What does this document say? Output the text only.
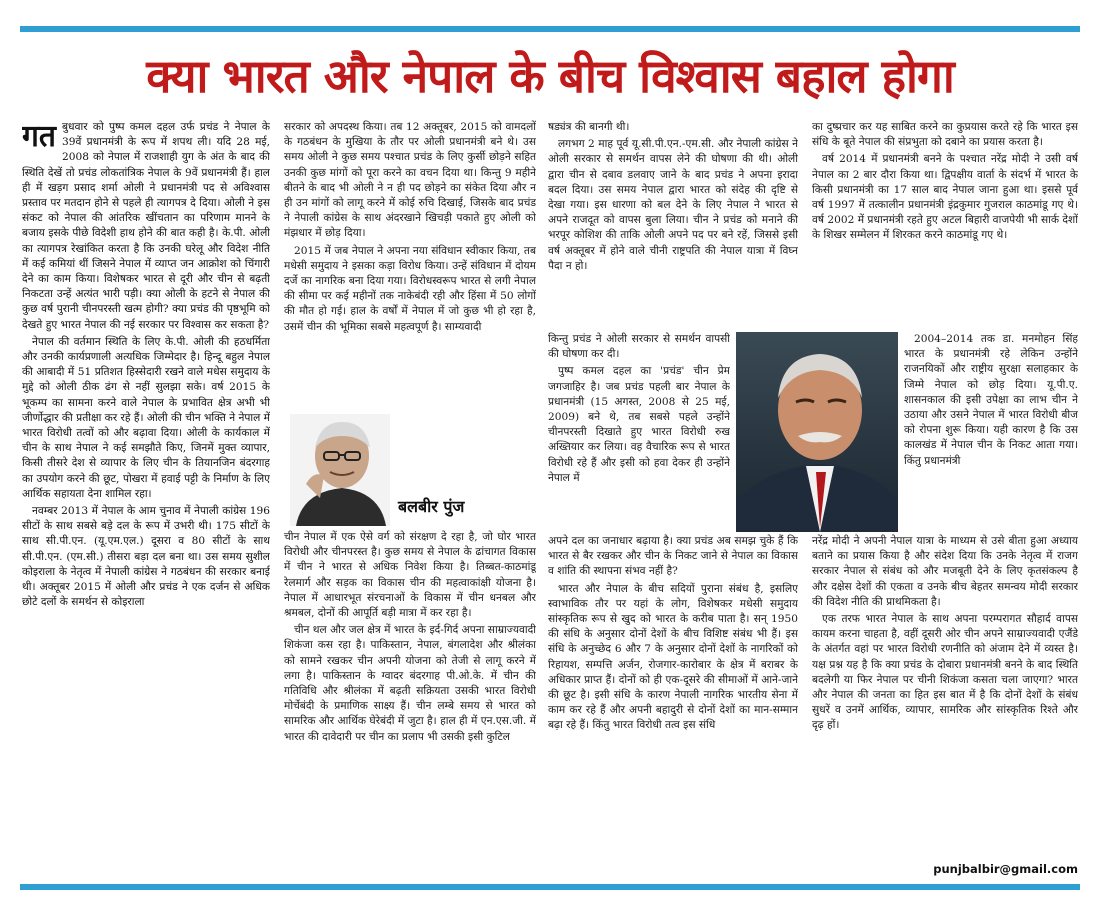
क्या भारत और नेपाल के बीच विश्वास बहाल होगा

गत बुधवार को पुष्प कमल दहल उर्फ प्रचंड ने नेपाल के 39वें प्रधानमंत्री के रूप में शपथ ली। यदि 28 मई, 2008 को नेपाल में राजशाही युग के अंत के बाद की स्थिति देखें तो प्रचंड लोकतांत्रिक नेपाल के 9वें प्रधानमंत्री हैं। हाल ही में खड़ग प्रसाद शर्मा ओली ने प्रधानमंत्री पद से अविश्वास प्रस्ताव पर मतदान होने से पहले ही त्यागपत्र दे दिया। ओली ने इस संकट को नेपाल की आंतरिक खींचतान का परिणाम मानने के बजाय इसके पीछे विदेशी हाथ होने की बात कही है। के.पी. ओली का त्यागपत्र रेखांकित करता है कि उनकी घरेलू और विदेश नीति में कई कमियां थीं जिसने नेपाल में व्याप्त जन आक्रोश को चिंगारी देने का काम किया। विशेषकर भारत से दूरी और चीन से बढ़ती निकटता उन्हें अत्यंत भारी पड़ी। क्या ओली के हटने से नेपाल की कुछ वर्ष पुरानी चीनपरस्ती खत्म होगी? क्या प्रचंड की पृष्ठभूमि को देखते हुए भारत नेपाल की नई सरकार पर विश्वास कर सकता है?

नेपाल की वर्तमान स्थिति के लिए के.पी. ओली की हठधर्मिता और उनकी कार्यप्रणाली अत्यधिक जिम्मेदार है। हिन्दू बहुल नेपाल की आबादी में 51 प्रतिशत हिस्सेदारी रखने वाले मधेस समुदाय के मुद्दे को ओली ठीक ढंग से नहीं सुलझा सके। वर्ष 2015 के भूकम्प का सामना करने वाले नेपाल के प्रभावित क्षेत्र अभी भी जीर्णोद्धार की प्रतीक्षा कर रहे हैं। ओली की चीन भक्ति ने नेपाल में भारत विरोधी तत्वों को और बढ़ावा दिया। ओली के कार्यकाल में चीन के साथ नेपाल ने कई समझौते किए, जिनमें मुक्त व्यापार, किसी तीसरे देश से व्यापार के लिए चीन के तियानजिन बंदरगाह का उपयोग करने की छूट, पोखरा में हवाई पट्टी के निर्माण के लिए आर्थिक सहायता देना शामिल रहा।

नवम्बर 2013 में नेपाल के आम चुनाव में नेपाली कांग्रेस 196 सीटों के साथ सबसे बड़े दल के रूप में उभरी थी। 175 सीटों के साथ सी.पी.एन. (यू.एम.एल.) दूसरा व 80 सीटों के साथ सी.पी.एन. (एम.सी.) तीसरा बड़ा दल बना था। उस समय सुशील कोइराला के नेतृत्व में नेपाली कांग्रेस ने गठबंधन की सरकार बनाई थी। अक्तूबर 2015 में ओली और प्रचंड ने एक दर्जन से अधिक छोटे दलों के समर्थन से कोइराला

सरकार को अपदस्थ किया। तब 12 अक्तूबर, 2015 को वामदलों के गठबंधन के मुखिया के तौर पर ओली प्रधानमंत्री बने थे। उस समय ओली ने कुछ समय पश्चात प्रचंड के लिए कुर्सी छोड़ने सहित उनकी कुछ मांगों को पूरा करने का वचन दिया था। किन्तु 9 महीने बीतने के बाद भी ओली ने न ही पद छोड़ने का संकेत दिया और न ही उन मांगों को लागू करने में कोई रुचि दिखाई, जिसके बाद प्रचंड ने नेपाली कांग्रेस के साथ अंदरखाने खिचड़ी पकाते हुए ओली को मंझधार में छोड़ दिया।

2015 में जब नेपाल ने अपना नया संविधान स्वीकार किया, तब मधेसी समुदाय ने इसका कड़ा विरोध किया। उन्हें संविधान में दोयम दर्जे का नागरिक बना दिया गया। विरोधस्वरूप भारत से लगी नेपाल की सीमा पर कई महीनों तक नाकेबंदी रही और हिंसा में 50 लोगों की मौत हो गई। हाल के वर्षों में नेपाल में जो कुछ भी हो रहा है, उसमें चीन की भूमिका सबसे महत्वपूर्ण है। साम्यवादी

बलबीर पुंज

चीन नेपाल में एक ऐसे वर्ग को संरक्षण दे रहा है, जो घोर भारत विरोधी और चीनपरस्त है। कुछ समय से नेपाल के ढांचागत विकास में चीन ने भारत से अधिक निवेश किया है। तिब्बत-काठमांडू रेलमार्ग और सड़क का विकास चीन की महत्वाकांक्षी योजना है। नेपाल में आधारभूत संरचनाओं के विकास में चीन धनबल और श्रमबल, दोनों की आपूर्ति बड़ी मात्रा में कर रहा है।

चीन थल और जल क्षेत्र में भारत के इर्द-गिर्द अपना साम्राज्यवादी शिकंजा कस रहा है। पाकिस्तान, नेपाल, बंगलादेश और श्रीलंका को सामने रखकर चीन अपनी योजना को तेजी से लागू करने में लगा है। पाकिस्तान के ग्वादर बंदरगाह पी.ओ.के. में चीन की गतिविधि और श्रीलंका में बढ़ती सक्रियता उसकी भारत विरोधी मोर्चेबंदी के प्रमाणिक साक्ष्य हैं। चीन लम्बे समय से भारत को सामरिक और आर्थिक घेरेबंदी में जुटा है। हाल ही में एन.एस.जी. में भारत की दावेदारी पर चीन का प्रलाप भी उसकी इसी कुटिल

षड्यंत्र की बानगी थी।

लगभग 2 माह पूर्व यू.सी.पी.एन.-एम.सी. और नेपाली कांग्रेस ने ओली सरकार से समर्थन वापस लेने की घोषणा की थी। ओली द्वारा चीन से दबाव डलवाए जाने के बाद प्रचंड ने अपना इरादा बदल दिया। उस समय नेपाल द्वारा भारत को संदेह की दृष्टि से देखा गया। इस धारणा को बल देने के लिए नेपाल ने भारत से अपने राजदूत को वापस बुला लिया। चीन ने प्रचंड को मनाने की भरपूर कोशिश की ताकि ओली अपने पद पर बने रहें, जिससे इसी वर्ष अक्तूबर में होने वाले चीनी राष्ट्रपति की नेपाल यात्रा में विघ्न पैदा न हो।

किन्तु प्रचंड ने ओली सरकार से समर्थन वापसी की घोषणा कर दी।

पुष्प कमल दहल का 'प्रचंड' चीन प्रेम जगजाहिर है। जब प्रचंड पहली बार नेपाल के प्रधानमंत्री (15 अगस्त, 2008 से 25 मई, 2009) बने थे, तब सबसे पहले उन्होंने चीनपरस्ती दिखाते हुए भारत विरोधी रुख अख्तियार कर लिया। वह वैचारिक रूप से भारत विरोधी रहे हैं और इसी को हवा देकर ही उन्होंने नेपाल में

अपने दल का जनाधार बढ़ाया है। क्या प्रचंड अब समझ चुके हैं कि भारत से बैर रखकर और चीन के निकट जाने से नेपाल का विकास व शांति की स्थापना संभव नहीं है?

भारत और नेपाल के बीच सदियों पुराना संबंध है, इसलिए स्वाभाविक तौर पर यहां के लोग, विशेषकर मधेसी समुदाय सांस्कृतिक रूप से खुद को भारत के करीब पाता है। सन् 1950 की संधि के अनुसार दोनों देशों के बीच विशिष्ट संबंध भी हैं। इस संधि के अनुच्छेद 6 और 7 के अनुसार दोनों देशों के नागरिकों को रिहायश, सम्पत्ति अर्जन, रोजगार-कारोबार के क्षेत्र में बराबर के अधिकार प्राप्त हैं। दोनों को ही एक-दूसरे की सीमाओं में आने-जाने की छूट है। इसी संधि के कारण नेपाली नागरिक भारतीय सेना में काम कर रहे हैं और अपनी बहादुरी से दोनों देशों का मान-सम्मान बढ़ा रहे हैं। किंतु भारत विरोधी तत्व इस संधि

का दुष्प्रचार कर यह साबित करने का कुप्रयास करते रहे कि भारत इस संधि के बूते नेपाल की संप्रभुता को दबाने का प्रयास करता है।

वर्ष 2014 में प्रधानमंत्री बनने के पश्चात नरेंद्र मोदी ने उसी वर्ष नेपाल का 2 बार दौरा किया था। द्विपक्षीय वार्ता के संदर्भ में भारत के किसी प्रधानमंत्री का 17 साल बाद नेपाल जाना हुआ था। इससे पूर्व वर्ष 1997 में तत्कालीन प्रधानमंत्री इंद्रकुमार गुजराल काठमांडू गए थे। वर्ष 2002 में प्रधानमंत्री रहते हुए अटल बिहारी वाजपेयी भी सार्क देशों के शिखर सम्मेलन में शिरकत करने काठमांडू गए थे।

2004–2014 तक डा. मनमोहन सिंह भारत के प्रधानमंत्री रहे लेकिन उन्होंने राजनयिकों और राष्ट्रीय सुरक्षा सलाहकार के जिम्मे नेपाल को छोड़ दिया। यू.पी.ए. शासनकाल की इसी उपेक्षा का लाभ चीन ने उठाया और उसने नेपाल में भारत विरोधी बीज को रोपना शुरू किया। यही कारण है कि उस कालखंड में नेपाल चीन के निकट आता गया। किंतु प्रधानमंत्री

नरेंद्र मोदी ने अपनी नेपाल यात्रा के माध्यम से उसे बीता हुआ अध्याय बताने का प्रयास किया है और संदेश दिया कि उनके नेतृत्व में राजग सरकार नेपाल से संबंध को और मजबूती देने के लिए कृतसंकल्प है और दक्षेस देशों की एकता व उनके बीच बेहतर समन्वय मोदी सरकार की विदेश नीति की प्राथमिकता है।

एक तरफ भारत नेपाल के साथ अपना परम्परागत सौहार्द वापस कायम करना चाहता है, वहीं दूसरी ओर चीन अपने साम्राज्यवादी एजैंडे के अंतर्गत वहां पर भारत विरोधी रणनीति को अंजाम देने में व्यस्त है। यक्ष प्रश्न यह है कि क्या प्रचंड के दोबारा प्रधानमंत्री बनने के बाद स्थिति बदलेगी या फिर नेपाल पर चीनी शिकंजा कसता चला जाएगा? भारत और नेपाल की जनता का हित इस बात में है कि दोनों देशों के संबंध सुधरें व उनमें आर्थिक, व्यापार, सामरिक और सांस्कृतिक रिश्ते और दृढ़ हों।

punjbalbir@gmail.com
